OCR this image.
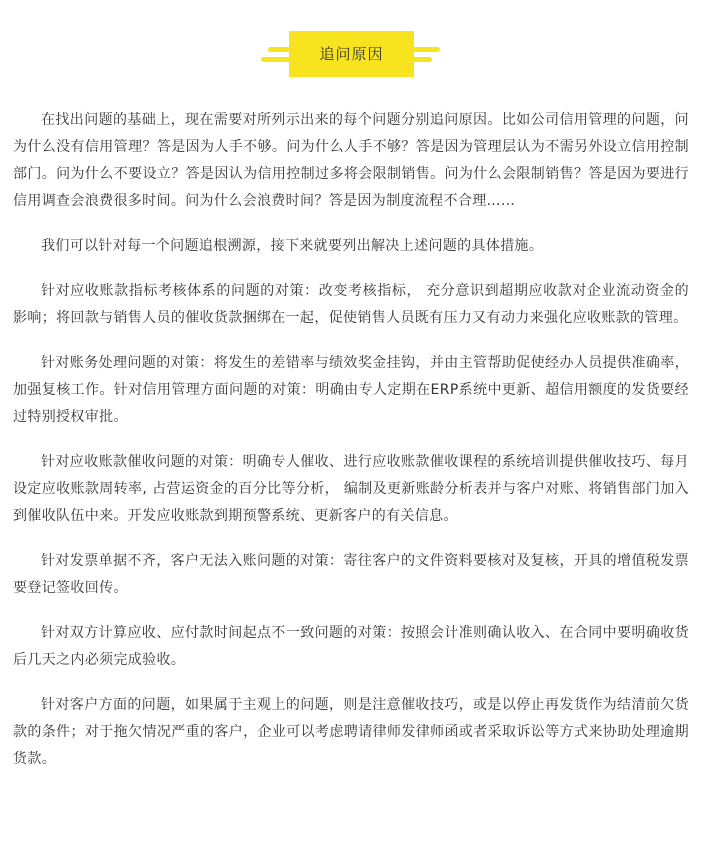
追问原因

在找出问题的基础上，现在需要对所列示出来的每个问题分别追问原因。比如公司信用管理的问题，问为什么没有信用管理？答是因为人手不够。问为什么人手不够？答是因为管理层认为不需另外设立信用控制部门。问为什么不要设立？答是因认为信用控制过多将会限制销售。问为什么会限制销售？答是因为要进行信用调查会浪费很多时间。问为什么会浪费时间？答是因为制度流程不合理……

我们可以针对每一个问题追根溯源，接下来就要列出解决上述问题的具体措施。

针对应收账款指标考核体系的问题的对策：改变考核指标， 充分意识到超期应收款对企业流动资金的影响；将回款与销售人员的催收货款捆绑在一起，促使销售人员既有压力又有动力来强化应收账款的管理。

针对账务处理问题的对策：将发生的差错率与绩效奖金挂钩，并由主管帮助促使经办人员提供准确率，加强复核工作。针对信用管理方面问题的对策：明确由专人定期在ERP系统中更新、超信用额度的发货要经过特别授权审批。

针对应收账款催收问题的对策：明确专人催收、进行应收账款催收课程的系统培训提供催收技巧、每月设定应收账款周转率, 占营运资金的百分比等分析， 编制及更新账龄分析表并与客户对账、将销售部门加入到催收队伍中来。开发应收账款到期预警系统、更新客户的有关信息。

针对发票单据不齐，客户无法入账问题的对策：寄往客户的文件资料要核对及复核，开具的增值税发票要登记签收回传。

针对双方计算应收、应付款时间起点不一致问题的对策：按照会计准则确认收入、在合同中要明确收货后几天之内必须完成验收。

针对客户方面的问题，如果属于主观上的问题，则是注意催收技巧，或是以停止再发货作为结清前欠货款的条件；对于拖欠情况严重的客户，企业可以考虑聘请律师发律师函或者采取诉讼等方式来协助处理逾期货款。
